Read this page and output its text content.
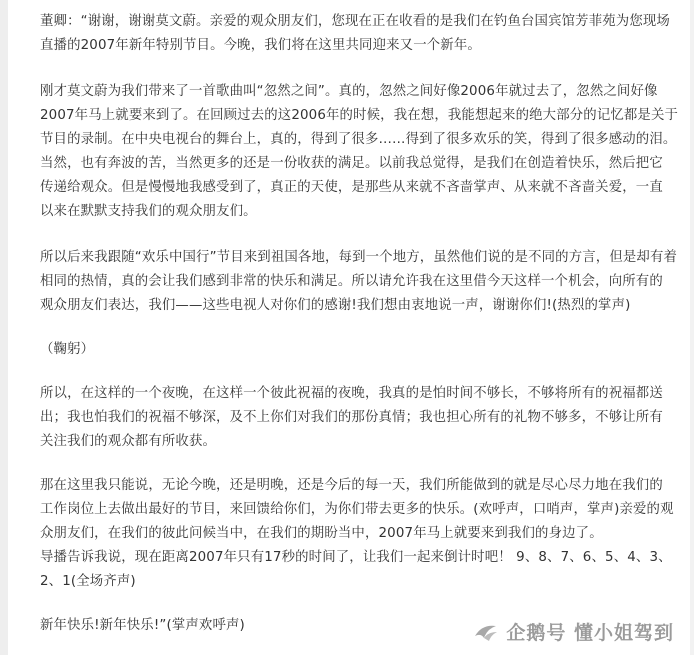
董卿：“谢谢，谢谢莫文蔚。亲爱的观众朋友们，您现在正在收看的是我们在钓鱼台国宾馆芳菲苑为您现场
直播的2007年新年特别节目。今晚，我们将在这里共同迎来又一个新年。

刚才莫文蔚为我们带来了一首歌曲叫“忽然之间”。真的，忽然之间好像2006年就过去了，忽然之间好像
2007年马上就要来到了。在回顾过去的这2006年的时候，我在想，我能想起来的绝大部分的记忆都是关于
节目的录制。在中央电视台的舞台上，真的，得到了很多……得到了很多欢乐的笑，得到了很多感动的泪。
当然，也有奔波的苦，当然更多的还是一份收获的满足。以前我总觉得，是我们在创造着快乐，然后把它
传递给观众。但是慢慢地我感受到了，真正的天使，是那些从来就不吝啬掌声、从来就不吝啬关爱，一直
以来在默默支持我们的观众朋友们。

所以后来我跟随“欢乐中国行”节目来到祖国各地，每到一个地方，虽然他们说的是不同的方言，但是却有着
相同的热情，真的会让我们感到非常的快乐和满足。所以请允许我在这里借今天这样一个机会，向所有的
观众朋友们表达，我们——这些电视人对你们的感谢!我们想由衷地说一声，谢谢你们!(热烈的掌声)

（鞠躬）

所以，在这样的一个夜晚，在这样一个彼此祝福的夜晚，我真的是怕时间不够长，不够将所有的祝福都送
出；我也怕我们的祝福不够深，及不上你们对我们的那份真情；我也担心所有的礼物不够多，不够让所有
关注我们的观众都有所收获。

那在这里我只能说，无论今晚，还是明晚，还是今后的每一天，我们所能做到的就是尽心尽力地在我们的
工作岗位上去做出最好的节目，来回馈给你们，为你们带去更多的快乐。(欢呼声，口哨声，掌声)亲爱的观
众朋友们，在我们的彼此问候当中，在我们的期盼当中，2007年马上就要来到我们的身边了。
导播告诉我说，现在距离2007年只有17秒的时间了，让我们一起来倒计时吧！ 9、8、7、6、5、4、3、
2、1(全场齐声)

新年快乐!新年快乐!”(掌声欢呼声)	企鹅号 懂小姐驾到
